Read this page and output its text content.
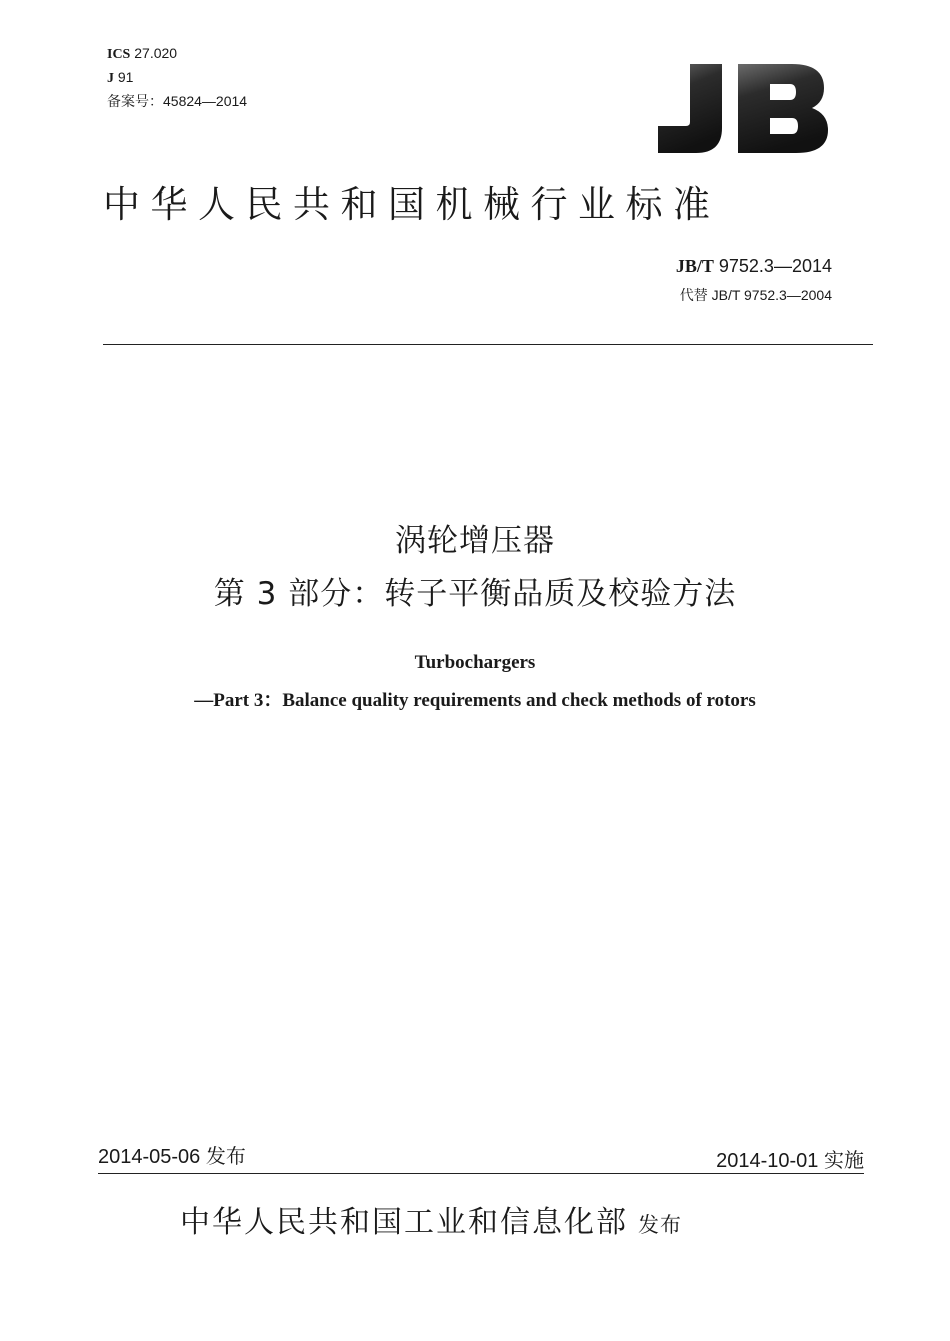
ICS 27.020
J 91
备案号：45824—2014
中华人民共和国机械行业标准
JB/T 9752.3—2014
代替 JB/T 9752.3—2004
涡轮增压器
第 3 部分：转子平衡品质及校验方法
Turbochargers
—Part 3：Balance quality requirements and check methods of rotors
2014-05-06 发布	2014-10-01 实施
中华人民共和国工业和信息化部 发布
